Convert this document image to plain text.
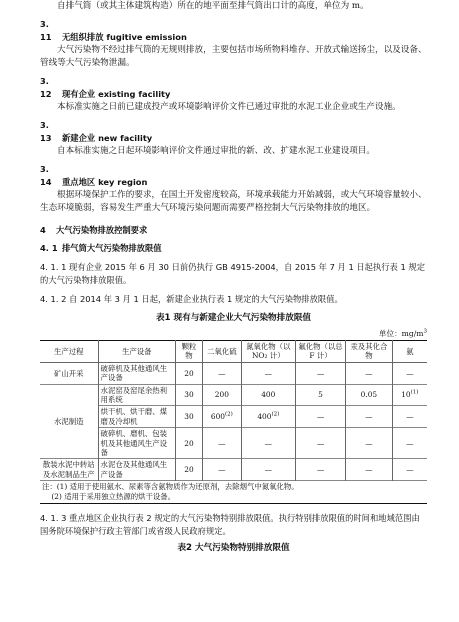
自排气筒（或其主体建筑构造）所在的地平面至排气筒出口计的高度，单位为 m。

3. 11 无组织排放 fugitive emission

大气污染物不经过排气筒的无规则排放，主要包括市场所物料堆存、开放式输送扬尘，以及设备、管线等大气污染物泄漏。

3. 12 现有企业 existing facility

本标准实施之日前已建成投产或环境影响评价文件已通过审批的水泥工业企业或生产设施。

3. 13 新建企业 new facility

自本标准实施之日起环境影响评价文件通过审批的新、改、扩建水泥工业建设项目。

3. 14 重点地区 key region

根据环境保护工作的要求，在国土开发密度较高，环境承载能力开始减弱，或大气环境容量较小、生态环境脆弱，容易发生严重大气环境污染问题而需要严格控制大气污染物排放的地区。

4 大气污染物排放控制要求
4. 1 排气筒大气污染物排放限值

4. 1. 1 现有企业 2015 年 6 月 30 日前仍执行 GB 4915-2004，自 2015 年 7 月 1 日起执行表 1 规定的大气污染物排放限值。

4. 1. 2 自 2014 年 3 月 1 日起，新建企业执行表 1 规定的大气污染物排放限值。

表1 现有与新建企业大气污染物排放限值
单位：$mg/m^3$
生产过程	生产设备	颗粒物	二氧化硫	氮氧化物（以 NO₂ 计）	氟化物（以总 F 计）	汞及其化合物	氨
矿山开采	破碎机及其他通风生产设备	20	—	—	—	—	—
水泥制造	水泥窑及窑尾余热利用系统	30	200	400	5	0.05	10$^{(1)}$
	烘干机、烘干磨、煤磨及冷却机	30	600$^{(2)}$	400$^{(2)}$	—	—	—
	破碎机、磨机、包装机及其他通风生产设备	20	—	—	—	—	—
散装水泥中转站及水泥制品生产	水泥仓及其他通风生产设备	20	—	—	—	—	—

注：(1) 适用于使用氨水、尿素等含氨物质作为还原剂，去除烟气中氮氧化物。
(2) 适用于采用独立热源的烘干设备。							

4. 1. 3 重点地区企业执行表 2 规定的大气污染物特别排放限值。执行特别排放限值的时间和地域范围由国务院环境保护行政主管部门或省级人民政府规定。

表2 大气污染物特别排放限值
